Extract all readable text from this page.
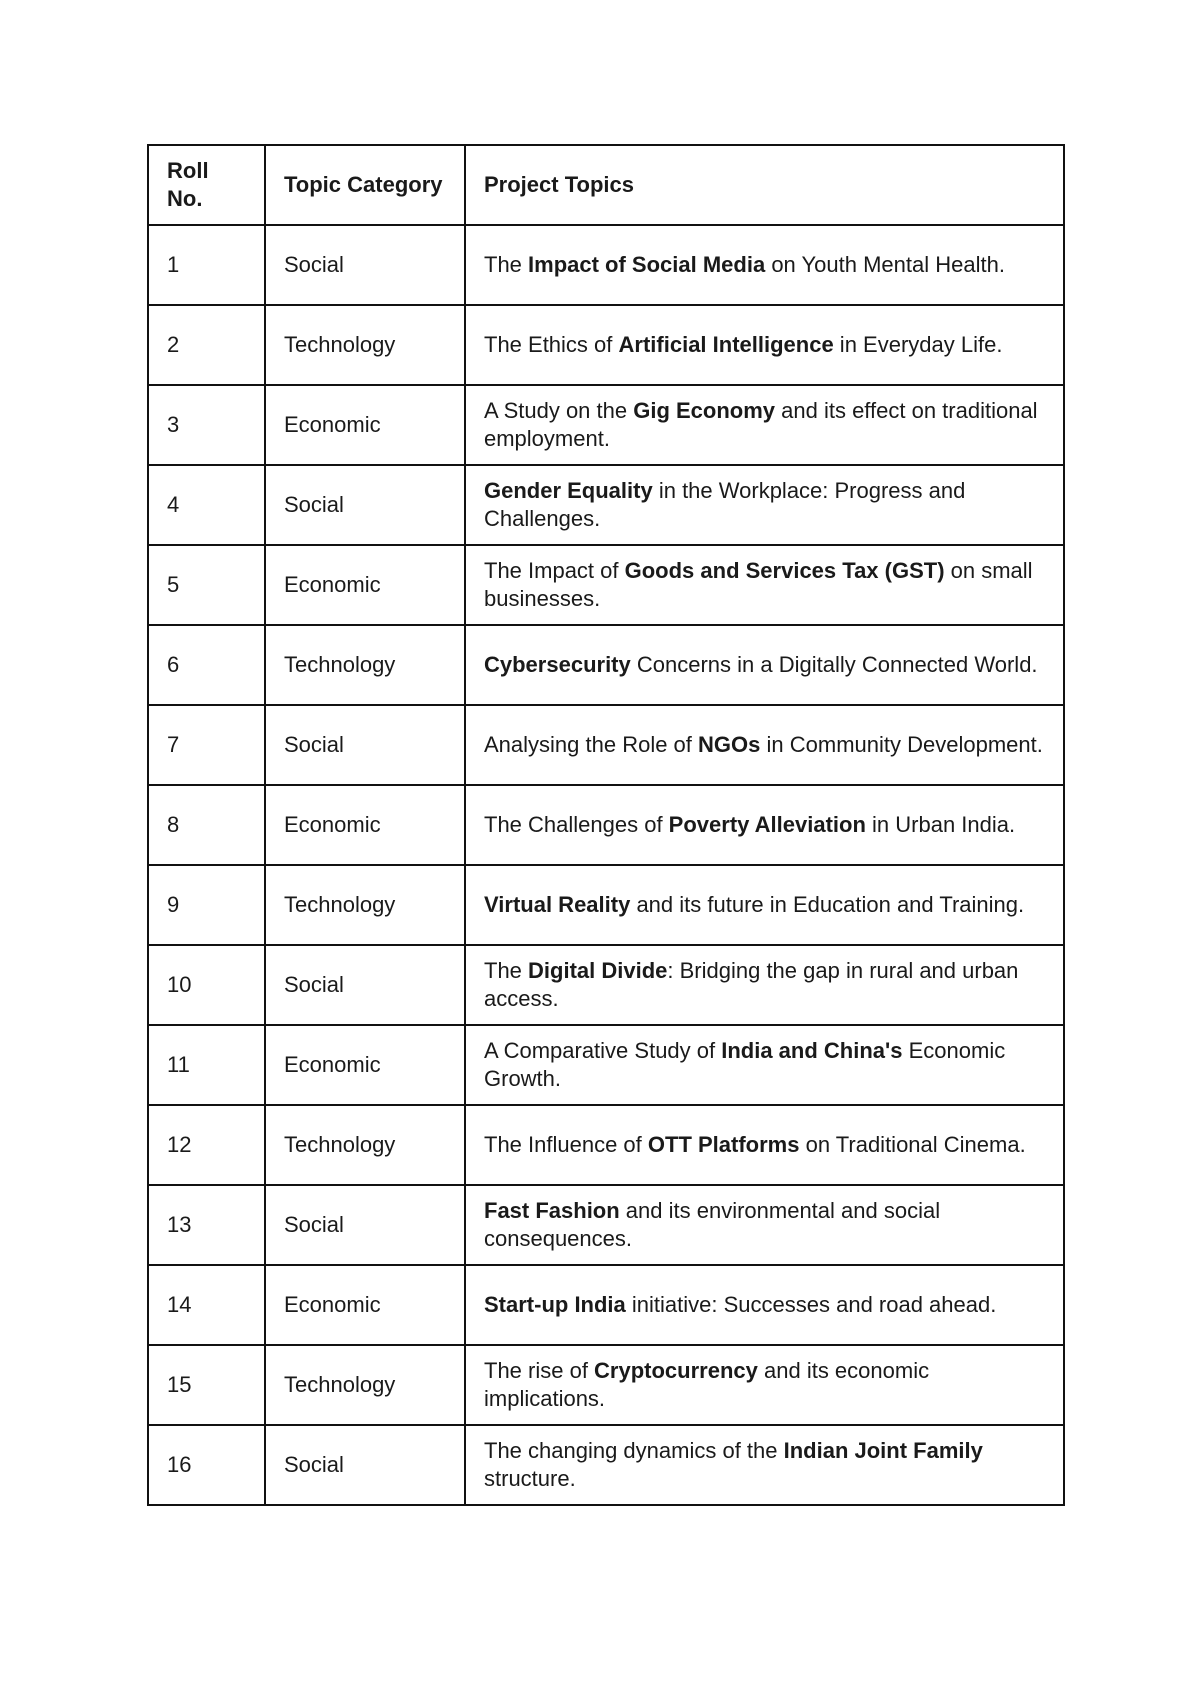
Roll No.	Topic Category	Project Topics
1	Social	The Impact of Social Media on Youth Mental Health.
2	Technology	The Ethics of Artificial Intelligence in Everyday Life.
3	Economic	A Study on the Gig Economy and its effect on traditional employment.
4	Social	Gender Equality in the Workplace: Progress and Challenges.
5	Economic	The Impact of Goods and Services Tax (GST) on small businesses.
6	Technology	Cybersecurity Concerns in a Digitally Connected World.
7	Social	Analysing the Role of NGOs in Community Development.
8	Economic	The Challenges of Poverty Alleviation in Urban India.
9	Technology	Virtual Reality and its future in Education and Training.
10	Social	The Digital Divide: Bridging the gap in rural and urban access.
11	Economic	A Comparative Study of India and China's Economic Growth.
12	Technology	The Influence of OTT Platforms on Traditional Cinema.
13	Social	Fast Fashion and its environmental and social consequences.
14	Economic	Start-up India initiative: Successes and road ahead.
15	Technology	The rise of Cryptocurrency and its economic implications.
16	Social	The changing dynamics of the Indian Joint Family structure.
